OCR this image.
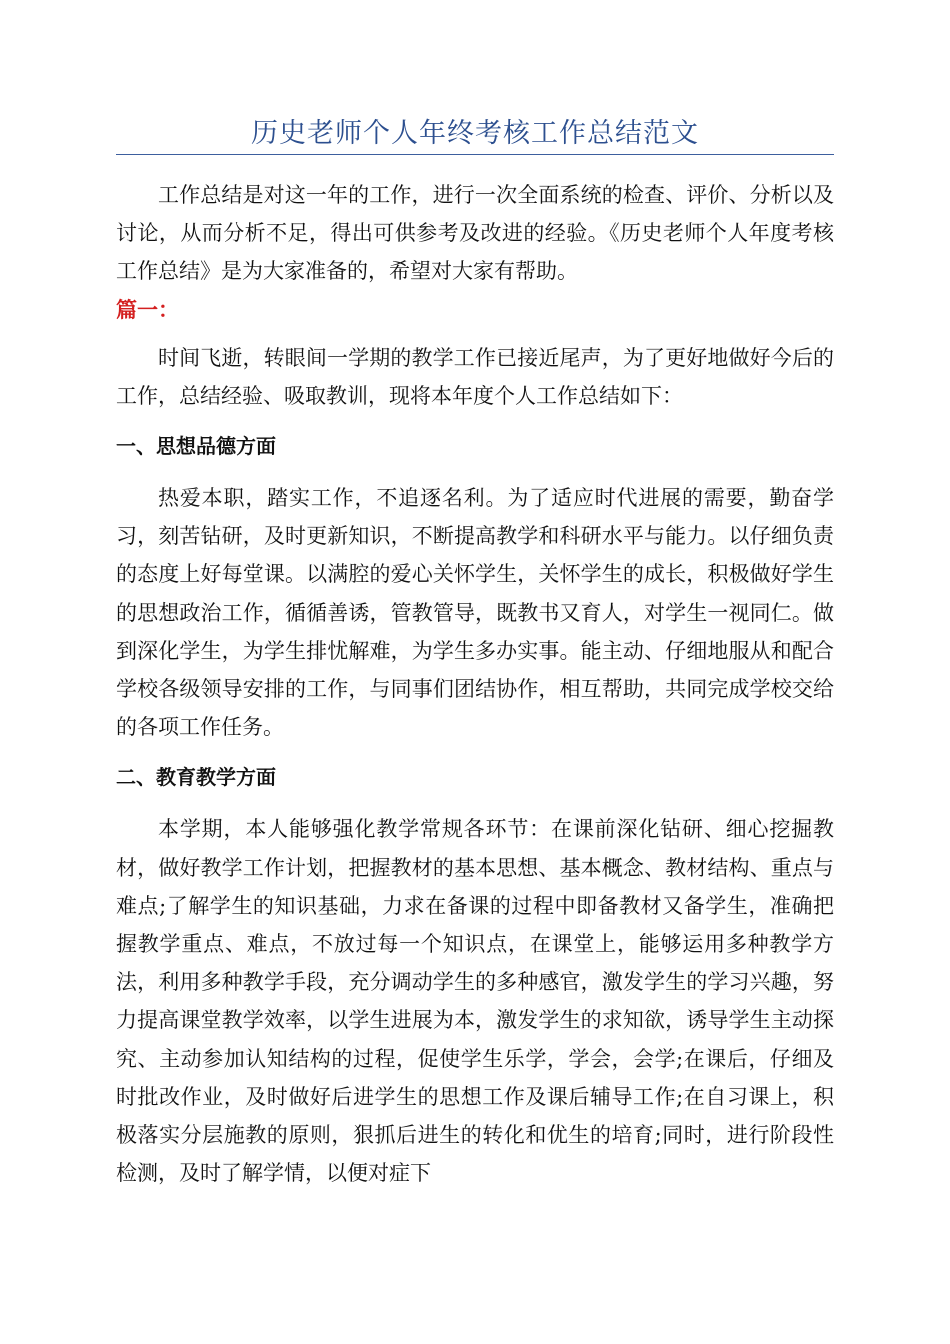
历史老师个人年终考核工作总结范文

工作总结是对这一年的工作，进行一次全面系统的检查、评价、分析以及讨论，从而分析不足，得出可供参考及改进的经验。《历史老师个人年度考核工作总结》是为大家准备的，希望对大家有帮助。

篇一：

时间飞逝，转眼间一学期的教学工作已接近尾声，为了更好地做好今后的工作，总结经验、吸取教训，现将本年度个人工作总结如下：

一、思想品德方面

热爱本职，踏实工作，不追逐名利。为了适应时代进展的需要，勤奋学习，刻苦钻研，及时更新知识，不断提高教学和科研水平与能力。以仔细负责的态度上好每堂课。以满腔的爱心关怀学生，关怀学生的成长，积极做好学生的思想政治工作，循循善诱，管教管导，既教书又育人，对学生一视同仁。做到深化学生，为学生排忧解难，为学生多办实事。能主动、仔细地服从和配合学校各级领导安排的工作，与同事们团结协作，相互帮助，共同完成学校交给的各项工作任务。

二、教育教学方面

本学期，本人能够强化教学常规各环节：在课前深化钻研、细心挖掘教材，做好教学工作计划，把握教材的基本思想、基本概念、教材结构、重点与难点;了解学生的知识基础，力求在备课的过程中即备教材又备学生，准确把握教学重点、难点，不放过每一个知识点，在课堂上，能够运用多种教学方法，利用多种教学手段，充分调动学生的多种感官，激发学生的学习兴趣，努力提高课堂教学效率，以学生进展为本，激发学生的求知欲，诱导学生主动探究、主动参加认知结构的过程，促使学生乐学，学会，会学;在课后，仔细及时批改作业，及时做好后进学生的思想工作及课后辅导工作;在自习课上，积极落实分层施教的原则，狠抓后进生的转化和优生的培育;同时，进行阶段性检测，及时了解学情，以便对症下
